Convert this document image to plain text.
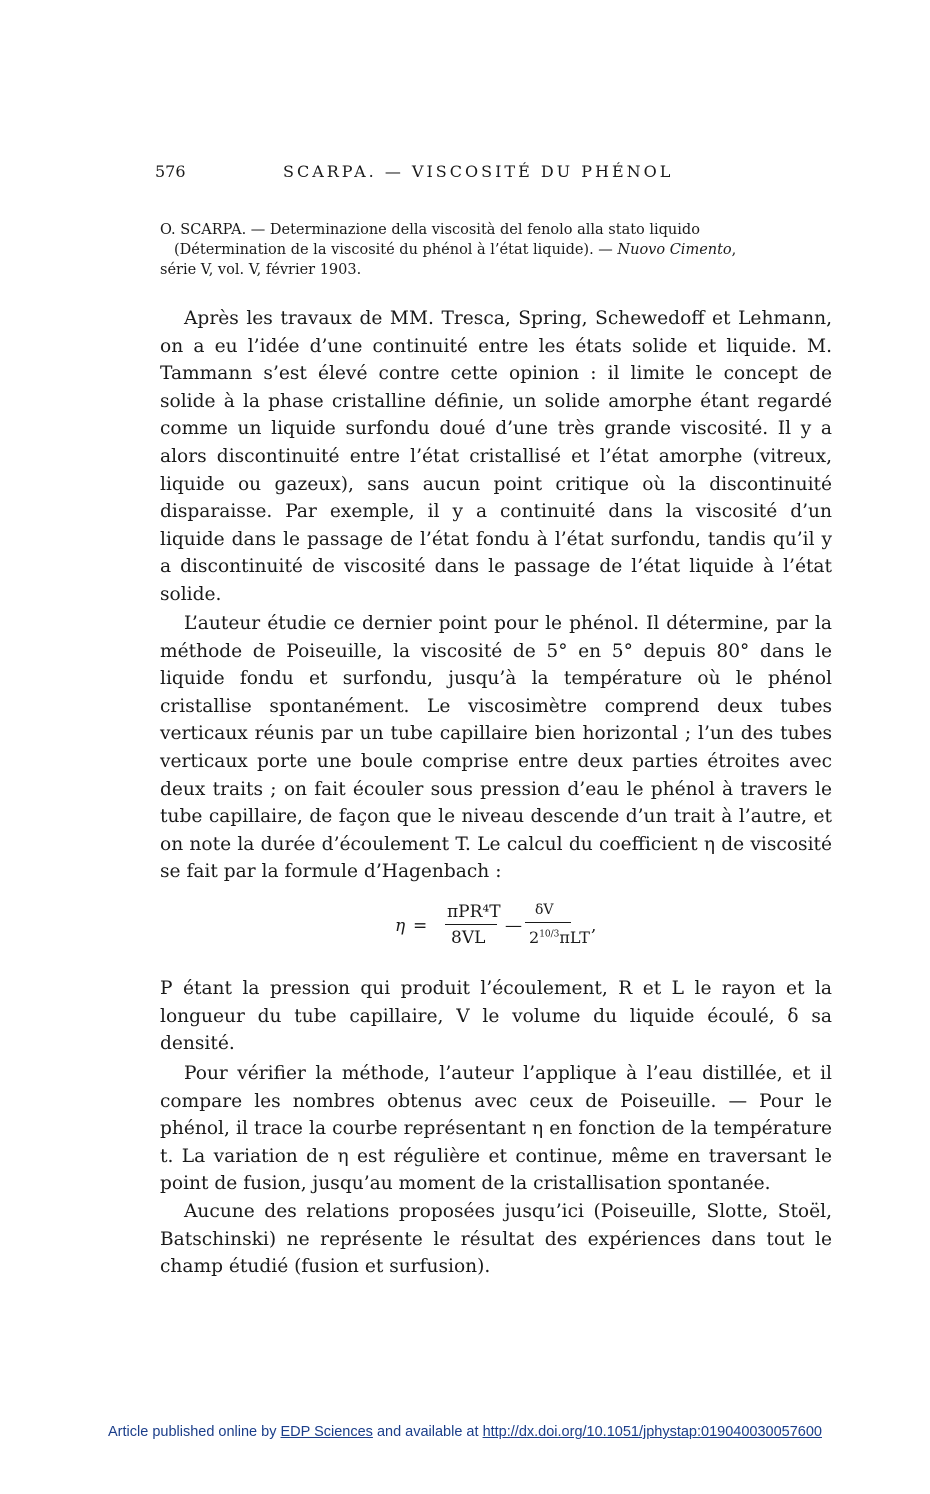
576	SCARPA. — VISCOSITÉ DU PHÉNOL
O. SCARPA. — Determinazione della viscosità del fenolo alla stato liquido
(Détermination de la viscosité du phénol à l’état liquide). — Nuovo Cimento,
série V, vol. V, février 1903.

Après les travaux de MM. Tresca, Spring, Schewedoff et Lehmann, on a eu l’idée d’une continuité entre les états solide et liquide. M. Tammann s’est élevé contre cette opinion : il limite le concept de solide à la phase cristalline définie, un solide amorphe étant regardé comme un liquide surfondu doué d’une très grande viscosité. Il y a alors discontinuité entre l’état cristallisé et l’état amorphe (vitreux, liquide ou gazeux), sans aucun point critique où la discontinuité disparaisse. Par exemple, il y a continuité dans la viscosité d’un liquide dans le passage de l’état fondu à l’état surfondu, tandis qu’il y a discontinuité de viscosité dans le passage de l’état liquide à l’état solide.

L’auteur étudie ce dernier point pour le phénol. Il détermine, par la méthode de Poiseuille, la viscosité de 5° en 5° depuis 80° dans le liquide fondu et surfondu, jusqu’à la température où le phénol cristallise spontanément. Le viscosimètre comprend deux tubes verticaux réunis par un tube capillaire bien horizontal ; l’un des tubes verticaux porte une boule comprise entre deux parties étroites avec deux traits ; on fait écouler sous pression d’eau le phénol à travers le tube capillaire, de façon que le niveau descende d’un trait à l’autre, et on note la durée d’écoulement T. Le calcul du coefficient η de viscosité se fait par la formule d’Hagenbach :

η =
πPR⁴T
8VL
—
δV
$2^{10/3}\pi LT$
,

P étant la pression qui produit l’écoulement, R et L le rayon et la longueur du tube capillaire, V le volume du liquide écoulé, δ sa densité.

Pour vérifier la méthode, l’auteur l’applique à l’eau distillée, et il compare les nombres obtenus avec ceux de Poiseuille. — Pour le phénol, il trace la courbe représentant η en fonction de la température t. La variation de η est régulière et continue, même en traversant le point de fusion, jusqu’au moment de la cristallisation spontanée.

Aucune des relations proposées jusqu’ici (Poiseuille, Slotte, Stoël, Batschinski) ne représente le résultat des expériences dans tout le champ étudié (fusion et surfusion).

Article published online by EDP Sciences and available at http://dx.doi.org/10.1051/jphystap:019040030057600
